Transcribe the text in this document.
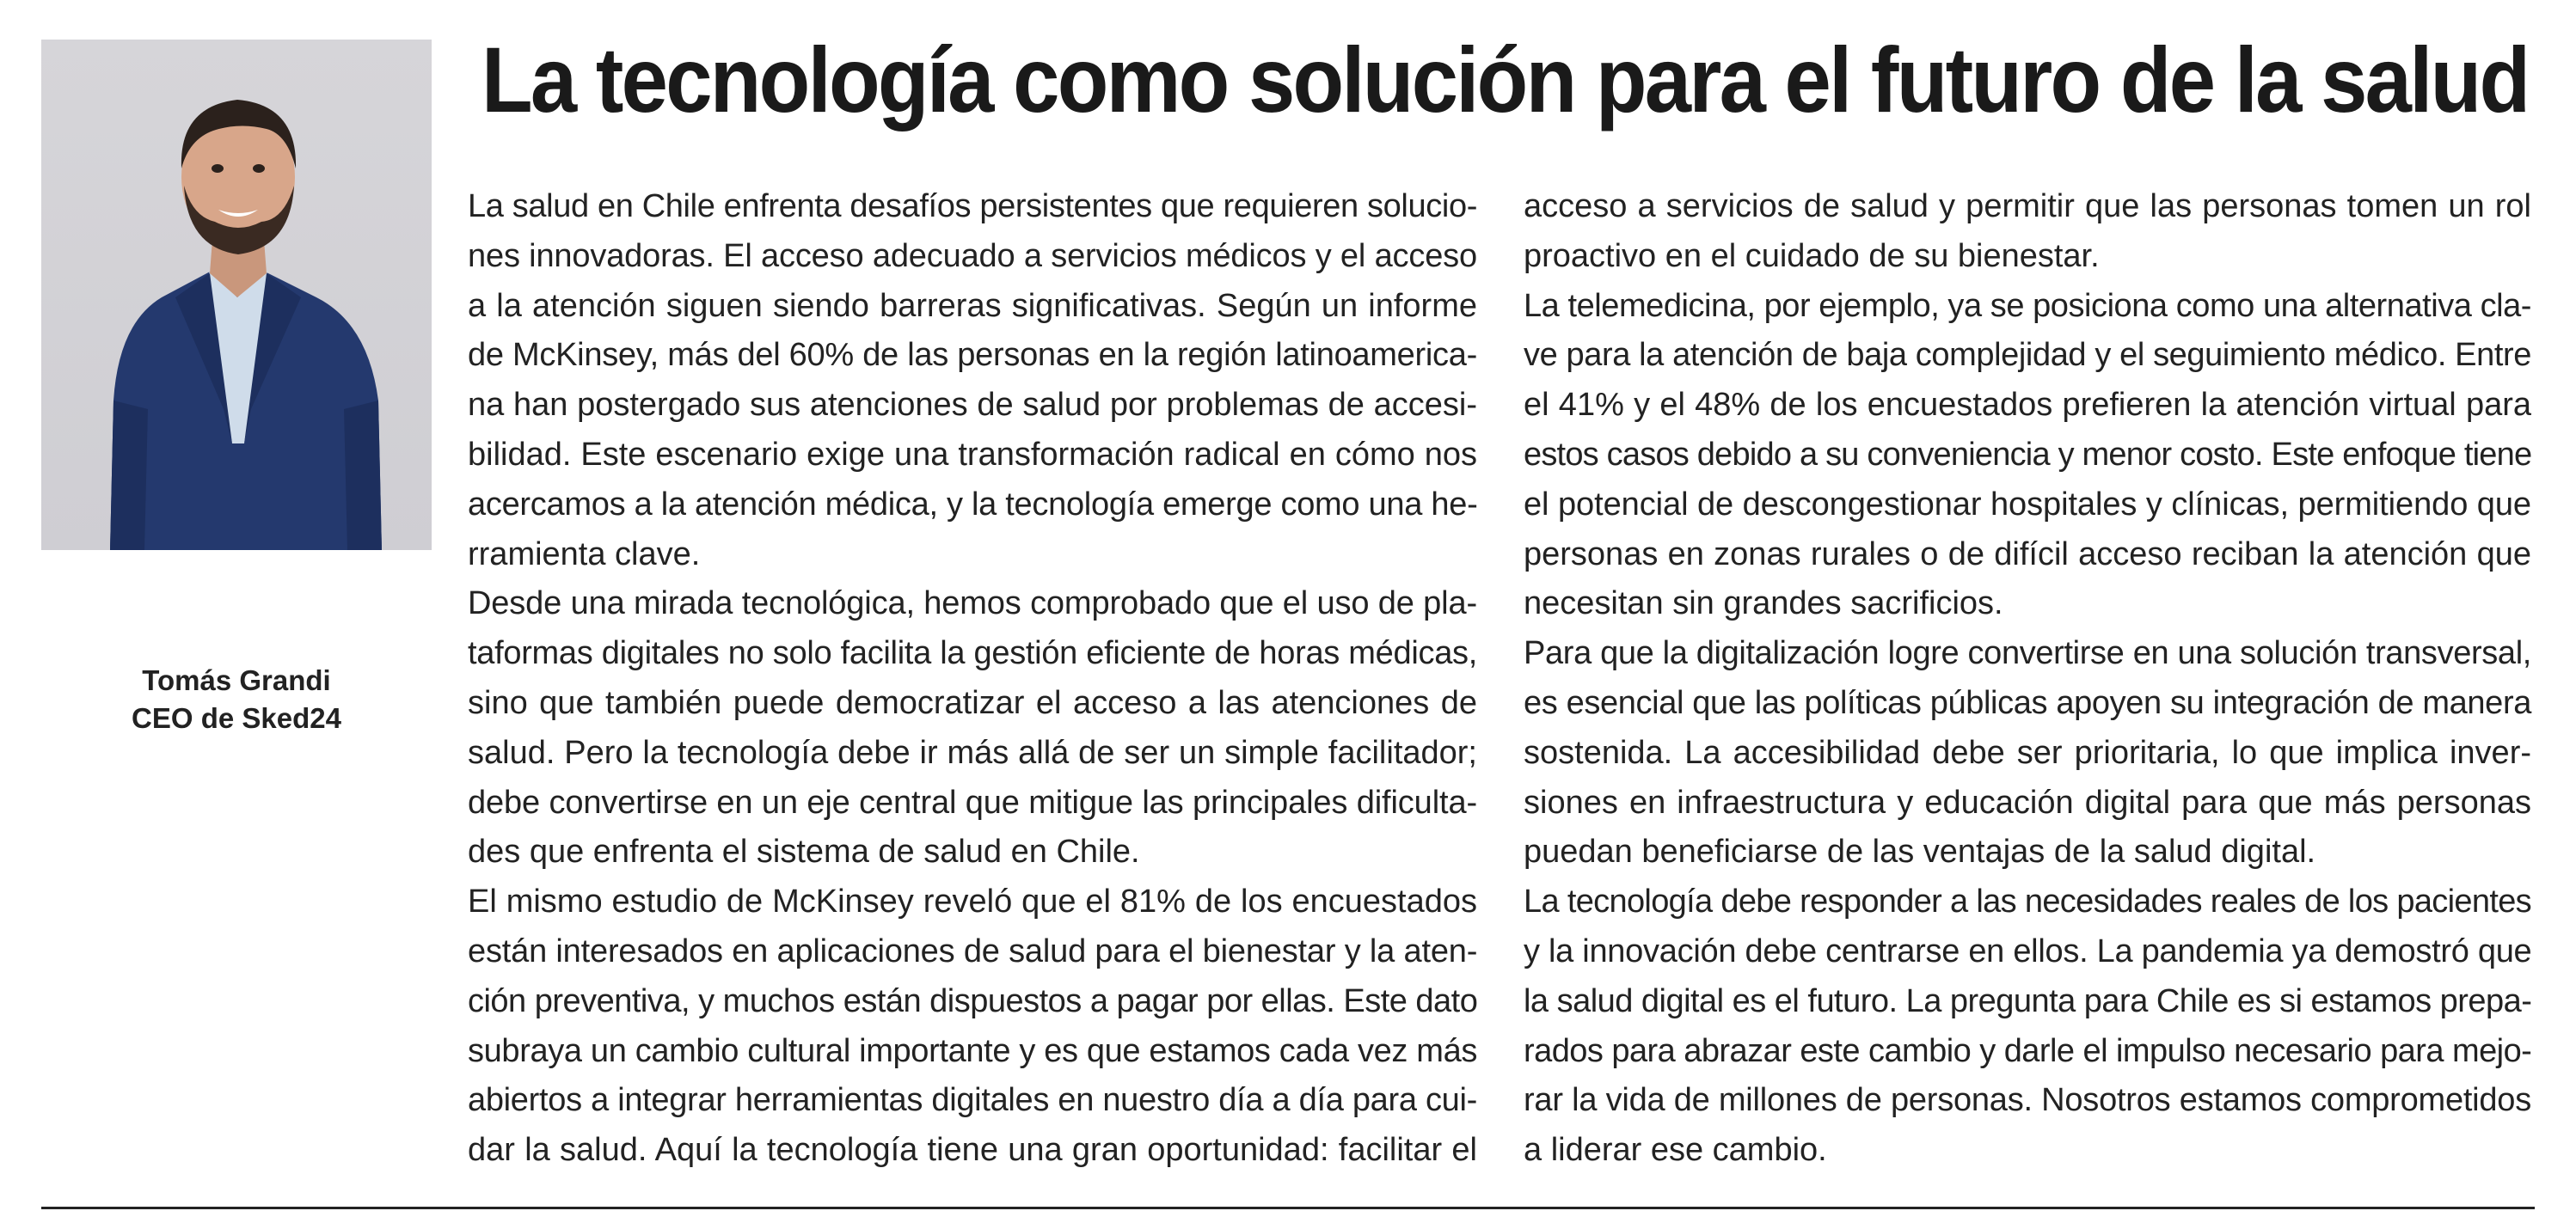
Tomás Grandi
CEO de Sked24
La tecnología como solución para el futuro de la salud
La salud en Chile enfrenta desafíos persistentes que requieren solucio-
nes innovadoras. El acceso adecuado a servicios médicos y el acceso
a la atención siguen siendo barreras significativas. Según un informe
de McKinsey, más del 60% de las personas en la región latinoamerica-
na han postergado sus atenciones de salud por problemas de accesi-
bilidad. Este escenario exige una transformación radical en cómo nos
acercamos a la atención médica, y la tecnología emerge como una he-
rramienta clave.
Desde una mirada tecnológica, hemos comprobado que el uso de pla-
taformas digitales no solo facilita la gestión eficiente de horas médicas,
sino que también puede democratizar el acceso a las atenciones de
salud. Pero la tecnología debe ir más allá de ser un simple facilitador;
debe convertirse en un eje central que mitigue las principales dificulta-
des que enfrenta el sistema de salud en Chile.
El mismo estudio de McKinsey reveló que el 81% de los encuestados
están interesados en aplicaciones de salud para el bienestar y la aten-
ción preventiva, y muchos están dispuestos a pagar por ellas. Este dato
subraya un cambio cultural importante y es que estamos cada vez más
abiertos a integrar herramientas digitales en nuestro día a día para cui-
dar la salud. Aquí la tecnología tiene una gran oportunidad: facilitar el
acceso a servicios de salud y permitir que las personas tomen un rol
proactivo en el cuidado de su bienestar.
La telemedicina, por ejemplo, ya se posiciona como una alternativa cla-
ve para la atención de baja complejidad y el seguimiento médico. Entre
el 41% y el 48% de los encuestados prefieren la atención virtual para
estos casos debido a su conveniencia y menor costo. Este enfoque tiene
el potencial de descongestionar hospitales y clínicas, permitiendo que
personas en zonas rurales o de difícil acceso reciban la atención que
necesitan sin grandes sacrificios.
Para que la digitalización logre convertirse en una solución transversal,
es esencial que las políticas públicas apoyen su integración de manera
sostenida. La accesibilidad debe ser prioritaria, lo que implica inver-
siones en infraestructura y educación digital para que más personas
puedan beneficiarse de las ventajas de la salud digital.
La tecnología debe responder a las necesidades reales de los pacientes
y la innovación debe centrarse en ellos. La pandemia ya demostró que
la salud digital es el futuro. La pregunta para Chile es si estamos prepa-
rados para abrazar este cambio y darle el impulso necesario para mejo-
rar la vida de millones de personas. Nosotros estamos comprometidos
a liderar ese cambio.
